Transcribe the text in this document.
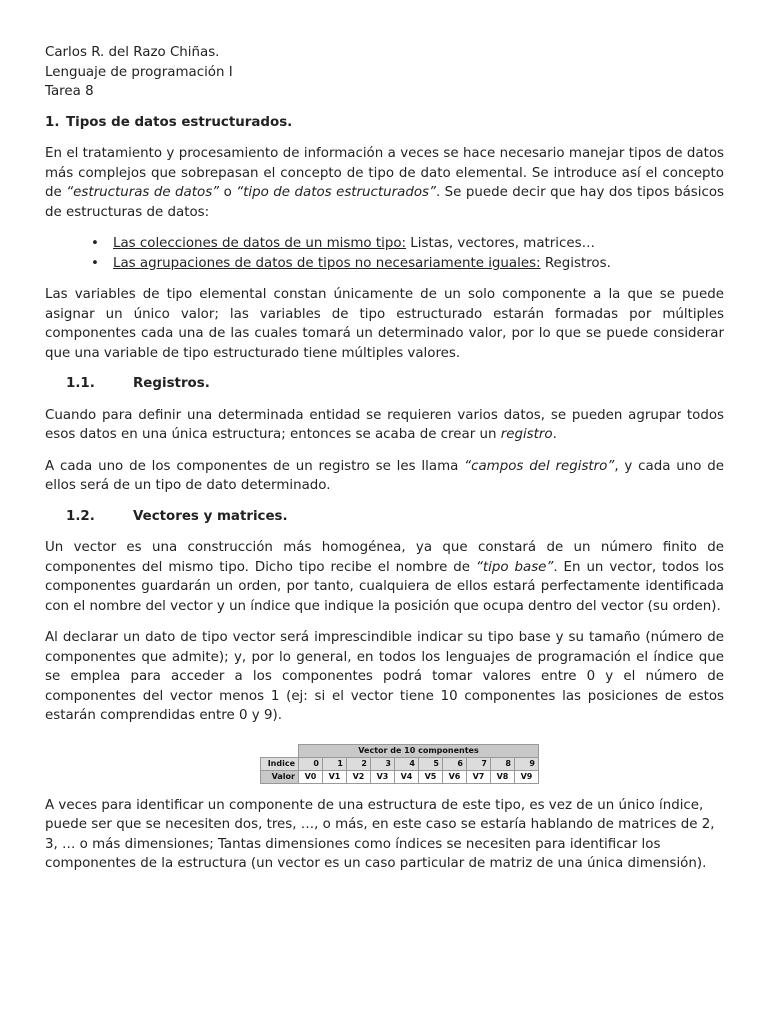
Carlos R. del Razo Chiñas.
Lenguaje de programación I
Tarea 8
1. Tipos de datos estructurados.

En el tratamiento y procesamiento de información a veces se hace necesario manejar tipos de datos más complejos que sobrepasan el concepto de tipo de dato elemental. Se introduce así el concepto de “estructuras de datos” o “tipo de datos estructurados”. Se puede decir que hay dos tipos básicos de estructuras de datos:

• Las colecciones de datos de un mismo tipo: Listas, vectores, matrices…
• Las agrupaciones de datos de tipos no necesariamente iguales: Registros.

Las variables de tipo elemental constan únicamente de un solo componente a la que se puede asignar un único valor; las variables de tipo estructurado estarán formadas por múltiples componentes cada una de las cuales tomará un determinado valor, por lo que se puede considerar que una variable de tipo estructurado tiene múltiples valores.

1.1.	Registros.

Cuando para definir una determinada entidad se requieren varios datos, se pueden agrupar todos esos datos en una única estructura; entonces se acaba de crear un registro.

A cada uno de los componentes de un registro se les llama “campos del registro”, y cada uno de ellos será de un tipo de dato determinado.

1.2.	Vectores y matrices.

Un vector es una construcción más homogénea, ya que constará de un número finito de componentes del mismo tipo. Dicho tipo recibe el nombre de “tipo base”. En un vector, todos los componentes guardarán un orden, por tanto, cualquiera de ellos estará perfectamente identificada con el nombre del vector y un índice que indique la posición que ocupa dentro del vector (su orden).

Al declarar un dato de tipo vector será imprescindible indicar su tipo base y su tamaño (número de componentes que admite); y, por lo general, en todos los lenguajes de programación el índice que se emplea para acceder a los componentes podrá tomar valores entre 0 y el número de componentes del vector menos 1 (ej: si el vector tiene 10 componentes las posiciones de estos estarán comprendidas entre 0 y 9).

	Vector de 10 componentes									
Indice	0	1	2	3	4	5	6	7	8	9
Valor	V0	V1	V2	V3	V4	V5	V6	V7	V8	V9

A veces para identificar un componente de una estructura de este tipo, es vez de un único índice, puede ser que se necesiten dos, tres, …, o más, en este caso se estaría hablando de matrices de 2, 3, … o más dimensiones; Tantas dimensiones como índices se necesiten para identificar los componentes de la estructura (un vector es un caso particular de matriz de una única dimensión).
